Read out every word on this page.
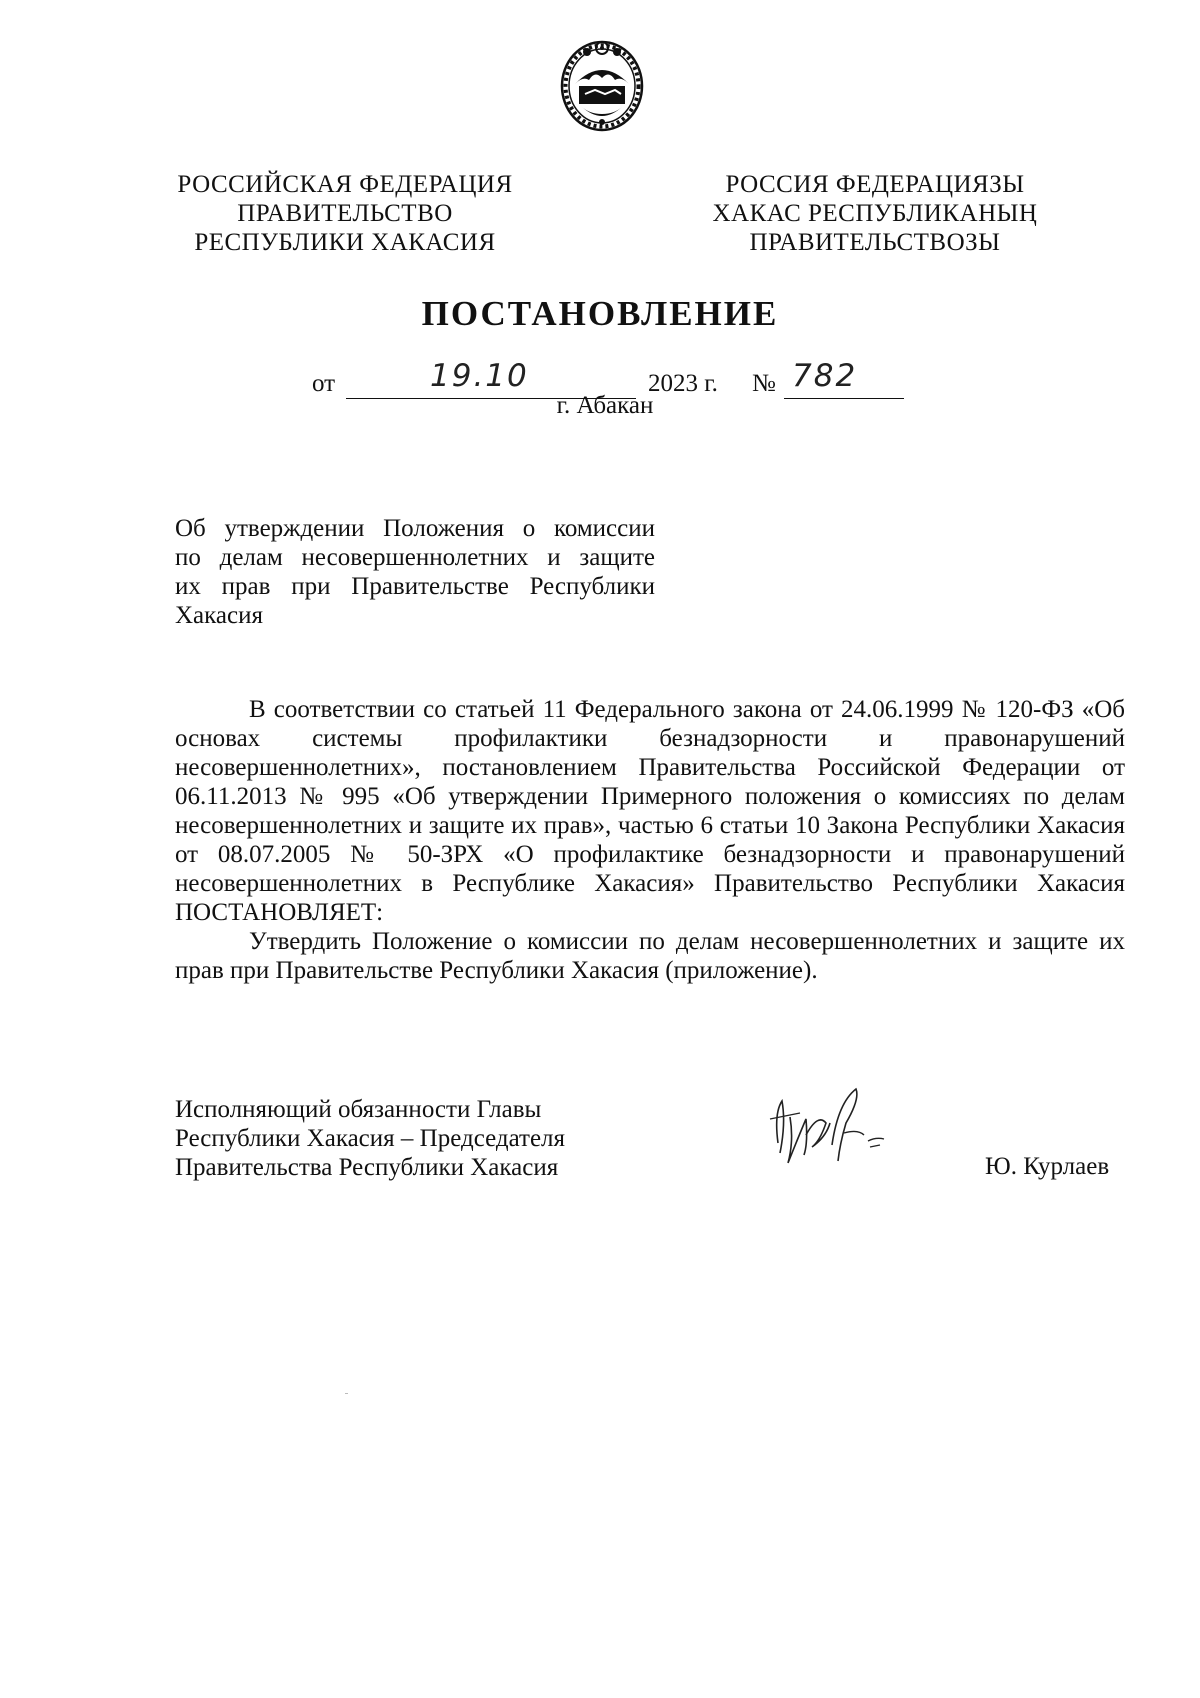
РОССИЙСКАЯ ФЕДЕРАЦИЯ
ПРАВИТЕЛЬСТВО
РЕСПУБЛИКИ ХАКАСИЯ
РОССИЯ ФЕДЕРАЦИЯЗЫ
ХАКАС РЕСПУБЛИКАНЫҢ
ПРАВИТЕЛЬСТВОЗЫ
ПОСТАНОВЛЕНИЕ
от	19.10	2023 г. № 782
г. Абакан
Об утверждении Положения о комиссии
по делам несовершеннолетних и защите
их прав при Правительстве Республики
Хакасия

В соответствии со статьей 11 Федерального закона от 24.06.1999 № 120-ФЗ «Об основах системы профилактики безнадзорности и правонарушений несовершеннолетних», постановлением Правительства Российской Федерации от 06.11.2013 № 995 «Об утверждении Примерного положения о комиссиях по делам несовершеннолетних и защите их прав», частью 6 статьи 10 Закона Республики Хакасия от 08.07.2005 № 50-ЗРХ «О профилактике безнадзорности и правонарушений несовершеннолетних в Республике Хакасия» Правительство Республики Хакасия ПОСТАНОВЛЯЕТ:

Утвердить Положение о комиссии по делам несовершеннолетних и защите их прав при Правительстве Республики Хакасия (приложение).

Исполняющий обязанности Главы
Республики Хакасия – Председателя
Правительства Республики Хакасия	Ю. Курлаев
